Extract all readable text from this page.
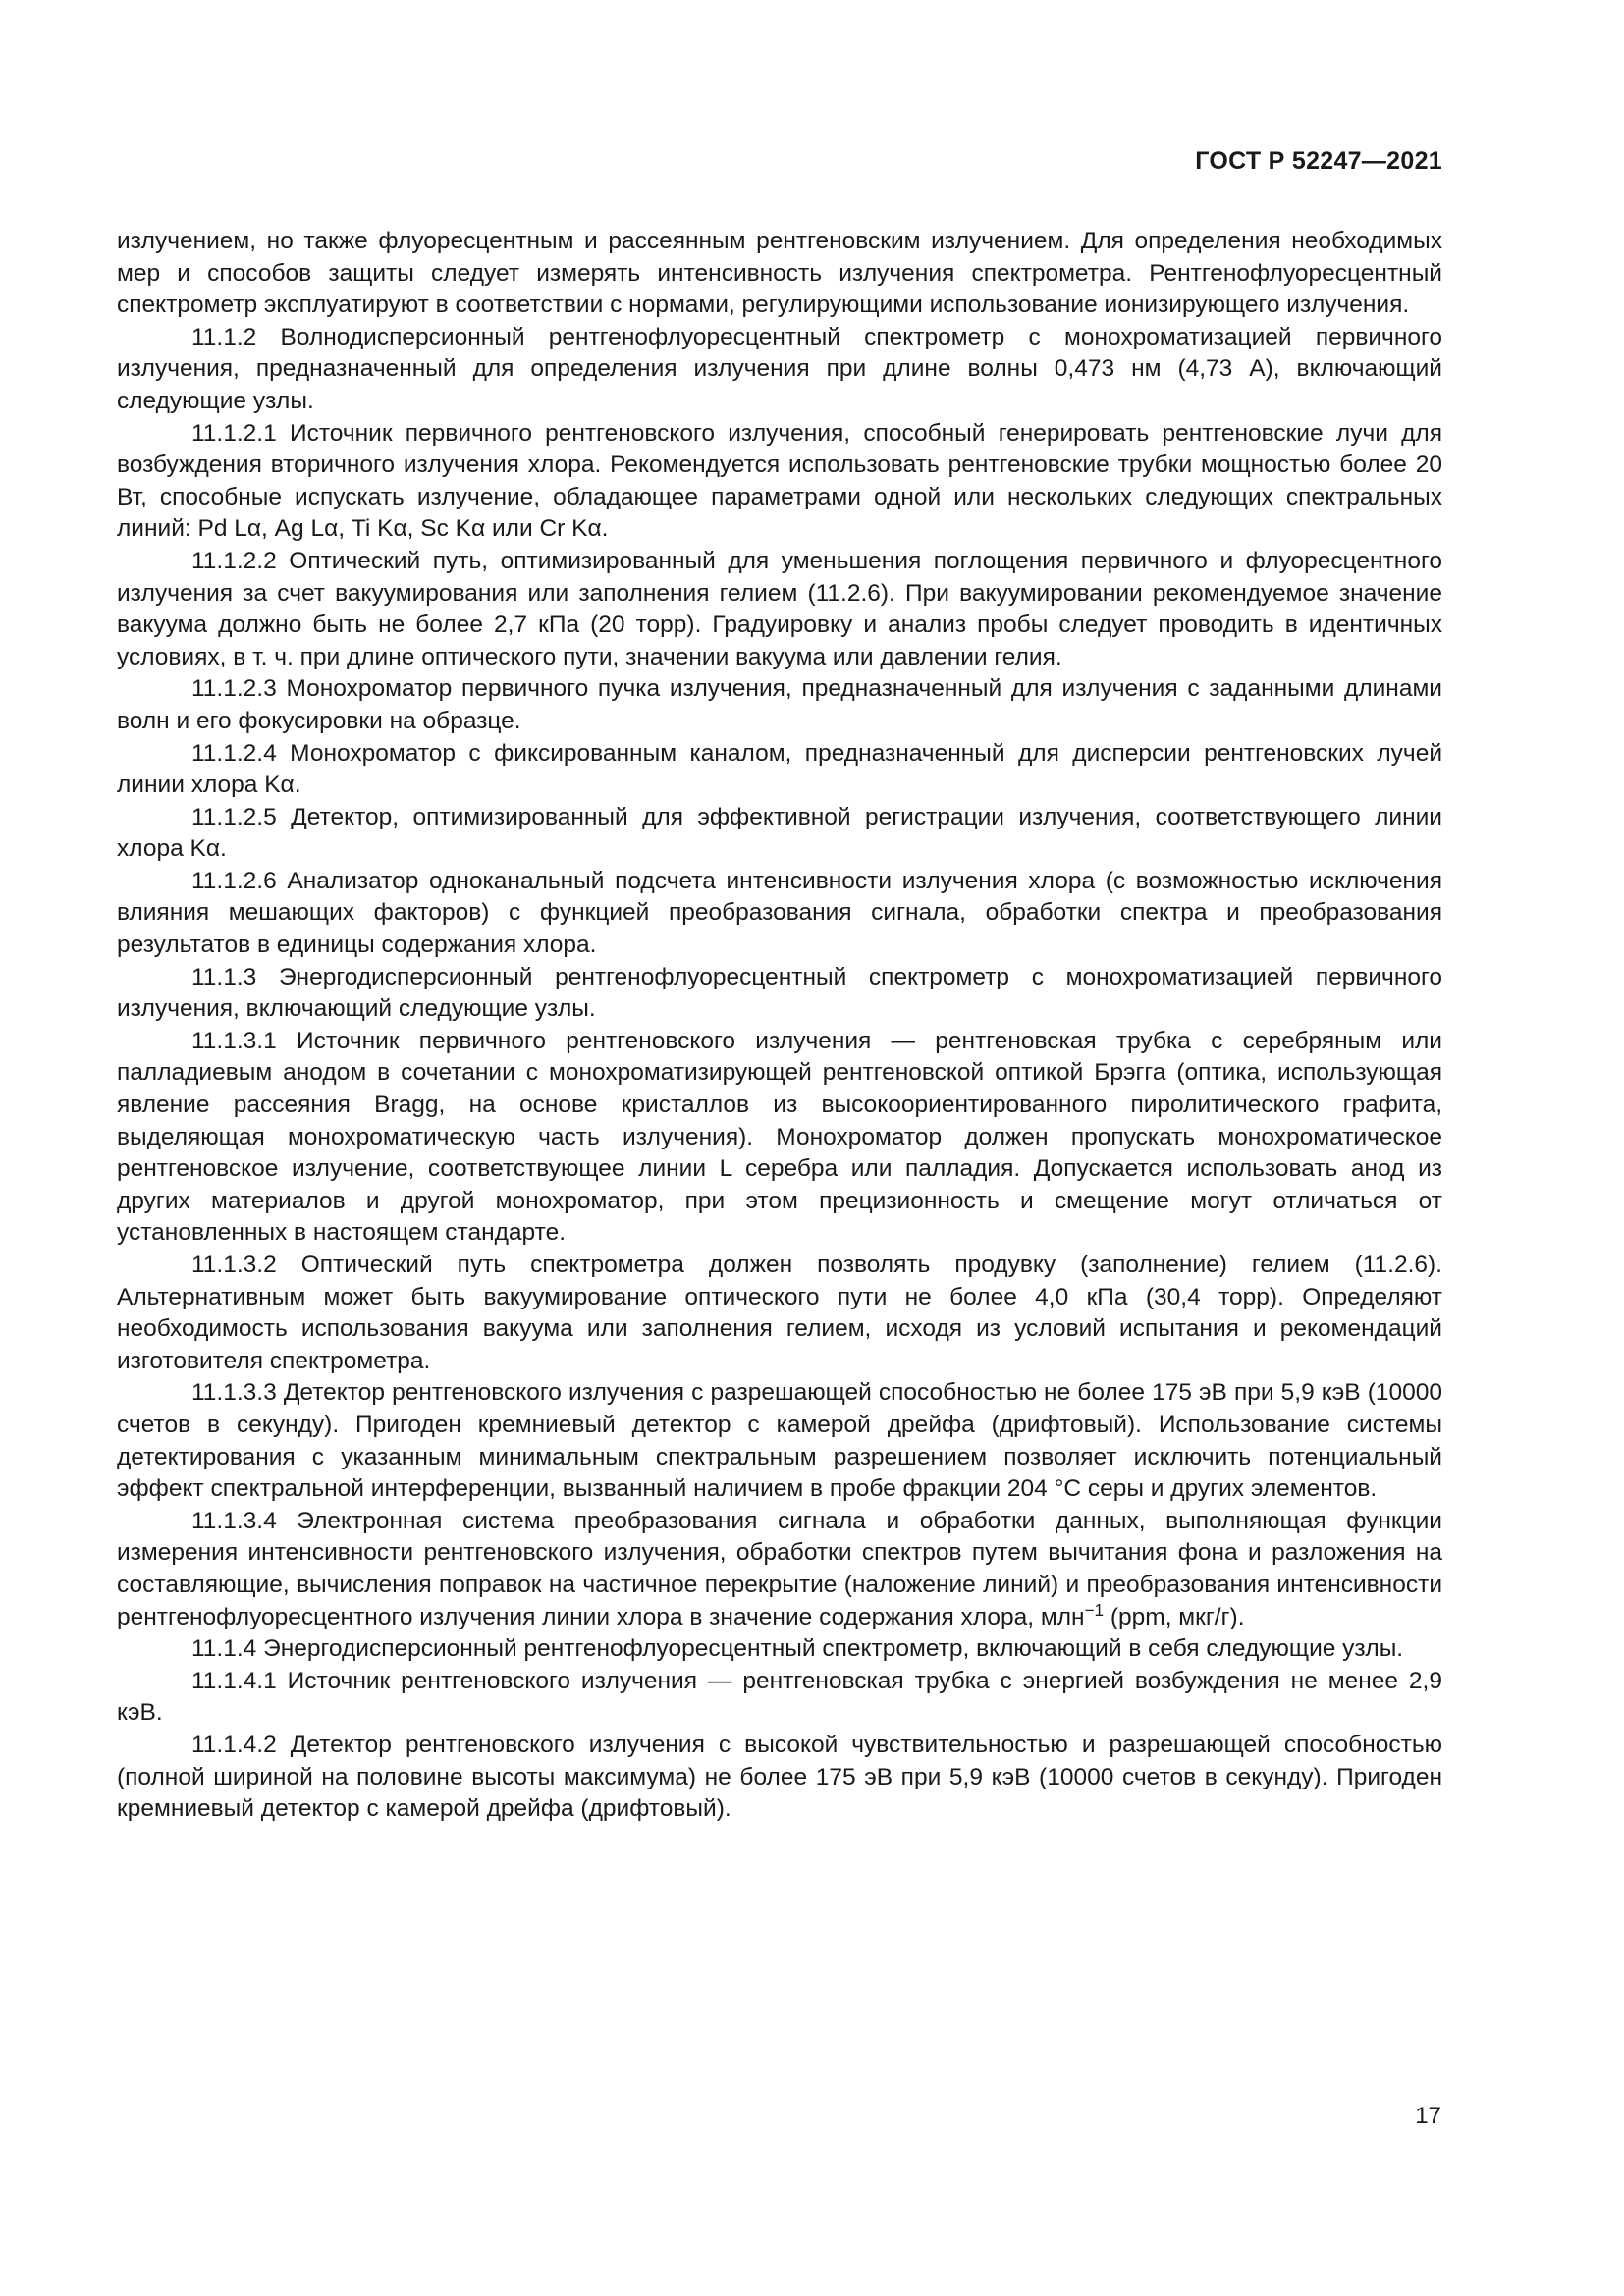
ГОСТ Р 52247—2021

излучением, но также флуоресцентным и рассеянным рентгеновским излучением. Для определения необходимых мер и способов защиты следует измерять интенсивность излучения спектрометра. Рентгенофлуоресцентный спектрометр эксплуатируют в соответствии с нормами, регулирующими использование ионизирующего излучения.

11.1.2 Волнодисперсионный рентгенофлуоресцентный спектрометр с монохроматизацией первичного излучения, предназначенный для определения излучения при длине волны 0,473 нм (4,73 А), включающий следующие узлы.

11.1.2.1 Источник первичного рентгеновского излучения, способный генерировать рентгеновские лучи для возбуждения вторичного излучения хлора. Рекомендуется использовать рентгеновские трубки мощностью более 20 Вт, способные испускать излучение, обладающее параметрами одной или нескольких следующих спектральных линий: Pd Lα, Ag Lα, Ti Kα, Sc Kα или Cr Kα.

11.1.2.2 Оптический путь, оптимизированный для уменьшения поглощения первичного и флуоресцентного излучения за счет вакуумирования или заполнения гелием (11.2.6). При вакуумировании рекомендуемое значение вакуума должно быть не более 2,7 кПа (20 торр). Градуировку и анализ пробы следует проводить в идентичных условиях, в т. ч. при длине оптического пути, значении вакуума или давлении гелия.

11.1.2.3 Монохроматор первичного пучка излучения, предназначенный для излучения с заданными длинами волн и его фокусировки на образце.

11.1.2.4 Монохроматор с фиксированным каналом, предназначенный для дисперсии рентгеновских лучей линии хлора Kα.

11.1.2.5 Детектор, оптимизированный для эффективной регистрации излучения, соответствующего линии хлора Kα.

11.1.2.6 Анализатор одноканальный подсчета интенсивности излучения хлора (с возможностью исключения влияния мешающих факторов) с функцией преобразования сигнала, обработки спектра и преобразования результатов в единицы содержания хлора.

11.1.3 Энергодисперсионный рентгенофлуоресцентный спектрометр с монохроматизацией первичного излучения, включающий следующие узлы.

11.1.3.1 Источник первичного рентгеновского излучения — рентгеновская трубка с серебряным или палладиевым анодом в сочетании с монохроматизирующей рентгеновской оптикой Брэгга (оптика, использующая явление рассеяния Bragg, на основе кристаллов из высокоориентированного пиролитического графита, выделяющая монохроматическую часть излучения). Монохроматор должен пропускать монохроматическое рентгеновское излучение, соответствующее линии L серебра или палладия. Допускается использовать анод из других материалов и другой монохроматор, при этом прецизионность и смещение могут отличаться от установленных в настоящем стандарте.

11.1.3.2 Оптический путь спектрометра должен позволять продувку (заполнение) гелием (11.2.6). Альтернативным может быть вакуумирование оптического пути не более 4,0 кПа (30,4 торр). Определяют необходимость использования вакуума или заполнения гелием, исходя из условий испытания и рекомендаций изготовителя спектрометра.

11.1.3.3 Детектор рентгеновского излучения с разрешающей способностью не более 175 эВ при 5,9 кэВ (10000 счетов в секунду). Пригоден кремниевый детектор с камерой дрейфа (дрифтовый). Использование системы детектирования с указанным минимальным спектральным разрешением позволяет исключить потенциальный эффект спектральной интерференции, вызванный наличием в пробе фракции 204 °С серы и других элементов.

11.1.3.4 Электронная система преобразования сигнала и обработки данных, выполняющая функции измерения интенсивности рентгеновского излучения, обработки спектров путем вычитания фона и разложения на составляющие, вычисления поправок на частичное перекрытие (наложение линий) и преобразования интенсивности рентгенофлуоресцентного излучения линии хлора в значение содержания хлора, млн$^{-1}$ (ppm, мкг/г).

11.1.4 Энергодисперсионный рентгенофлуоресцентный спектрометр, включающий в себя следующие узлы.

11.1.4.1 Источник рентгеновского излучения — рентгеновская трубка с энергией возбуждения не менее 2,9 кэВ.

11.1.4.2 Детектор рентгеновского излучения с высокой чувствительностью и разрешающей способностью (полной шириной на половине высоты максимума) не более 175 эВ при 5,9 кэВ (10000 счетов в секунду). Пригоден кремниевый детектор с камерой дрейфа (дрифтовый).

17
